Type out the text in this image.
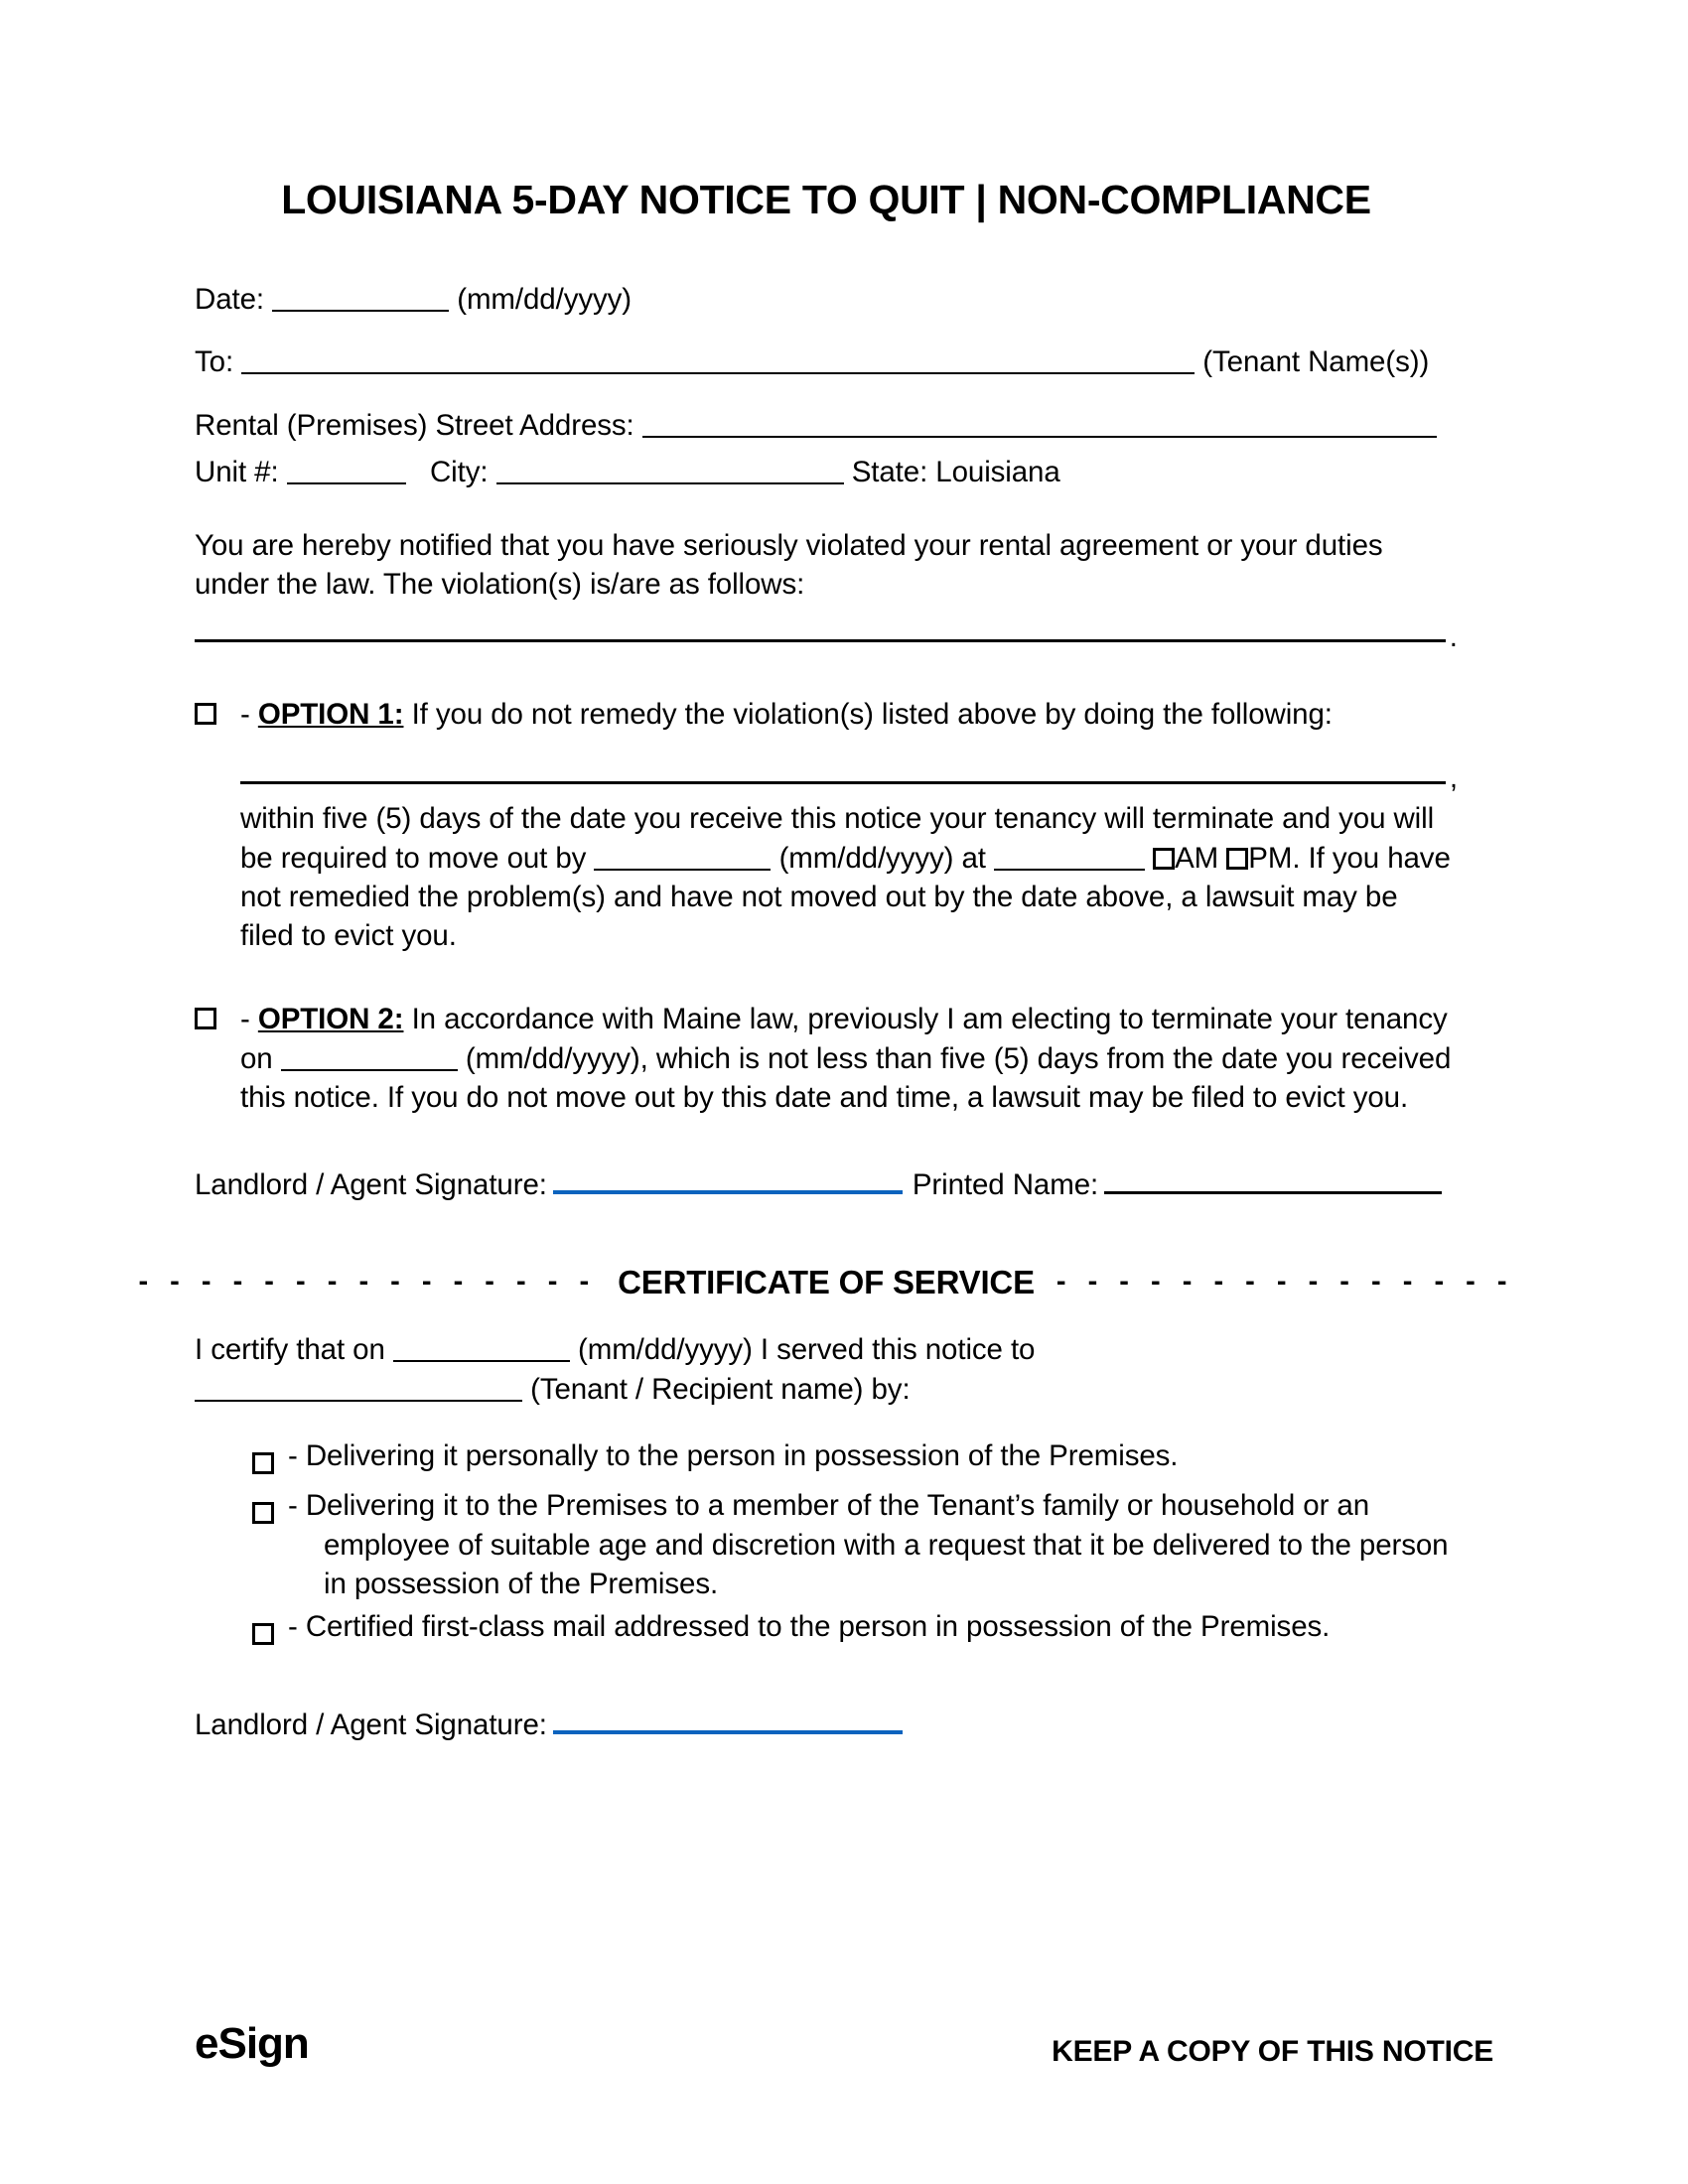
LOUISIANA 5-DAY NOTICE TO QUIT | NON-COMPLIANCE
Date:	(mm/dd/yyyy)
To:	(Tenant Name(s))
Rental (Premises) Street Address:
Unit #:	City:	State: Louisiana

You are hereby notified that you have seriously violated your rental agreement or your duties under the law. The violation(s) is/are as follows:

.
- OPTION 1: If you do not remedy the violation(s) listed above by doing the following:
,
within five (5) days of the date you receive this notice your tenancy will terminate and you will be required to move out by	(mm/dd/yyyy) at	AM PM. If you have not remedied the problem(s) and have not moved out by the date above, a lawsuit may be filed to evict you.
- OPTION 2: In accordance with Maine law, previously I am electing to terminate your tenancy on	(mm/dd/yyyy), which is not less than five (5) days from the date you received this notice. If you do not move out by this date and time, a lawsuit may be filed to evict you.
Landlord / Agent Signature:	Printed Name:
- - - - - - - - - - - - - - - CERTIFICATE OF SERVICE - - - - - - - - - - - - - - -
I certify that on	(mm/dd/yyyy) I served this notice to
(Tenant / Recipient name) by:
- Delivering it personally to the person in possession of the Premises.
- Delivering it to the Premises to a member of the Tenant’s family or household or an
employee of suitable age and discretion with a request that it be delivered to the person in possession of the Premises.
- Certified first-class mail addressed to the person in possession of the Premises.
Landlord / Agent Signature:
eSign	KEEP A COPY OF THIS NOTICE
